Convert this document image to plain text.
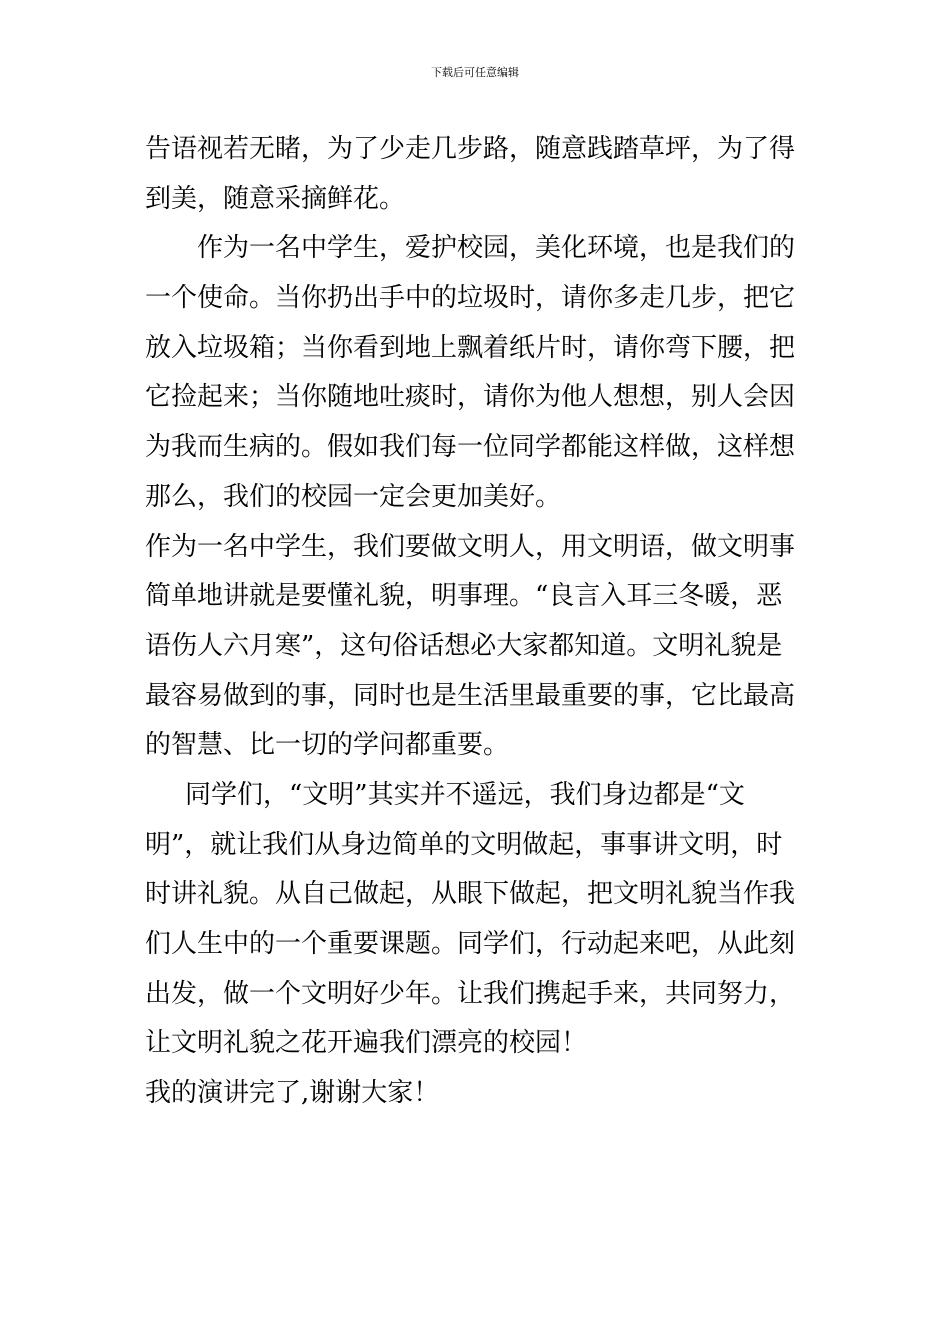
下载后可任意编辑
告语视若无睹，为了少走几步路，随意践踏草坪，为了得
到美，随意采摘鲜花。
作为一名中学生，爱护校园，美化环境，也是我们的
一个使命。当你扔出手中的垃圾时，请你多走几步，把它
放入垃圾箱；当你看到地上飘着纸片时，请你弯下腰，把
它捡起来；当你随地吐痰时，请你为他人想想，别人会因
为我而生病的。假如我们每一位同学都能这样做，这样想
那么，我们的校园一定会更加美好。
作为一名中学生，我们要做文明人，用文明语，做文明事
简单地讲就是要懂礼貌，明事理。“良言入耳三冬暖，恶
语伤人六月寒”，这句俗话想必大家都知道。文明礼貌是
最容易做到的事，同时也是生活里最重要的事，它比最高
的智慧、比一切的学问都重要。
同学们，“文明”其实并不遥远，我们身边都是“文
明”，就让我们从身边简单的文明做起，事事讲文明，时
时讲礼貌。从自己做起，从眼下做起，把文明礼貌当作我
们人生中的一个重要课题。同学们，行动起来吧，从此刻
出发，做一个文明好少年。让我们携起手来，共同努力，
让文明礼貌之花开遍我们漂亮的校园！
我的演讲完了,谢谢大家！
